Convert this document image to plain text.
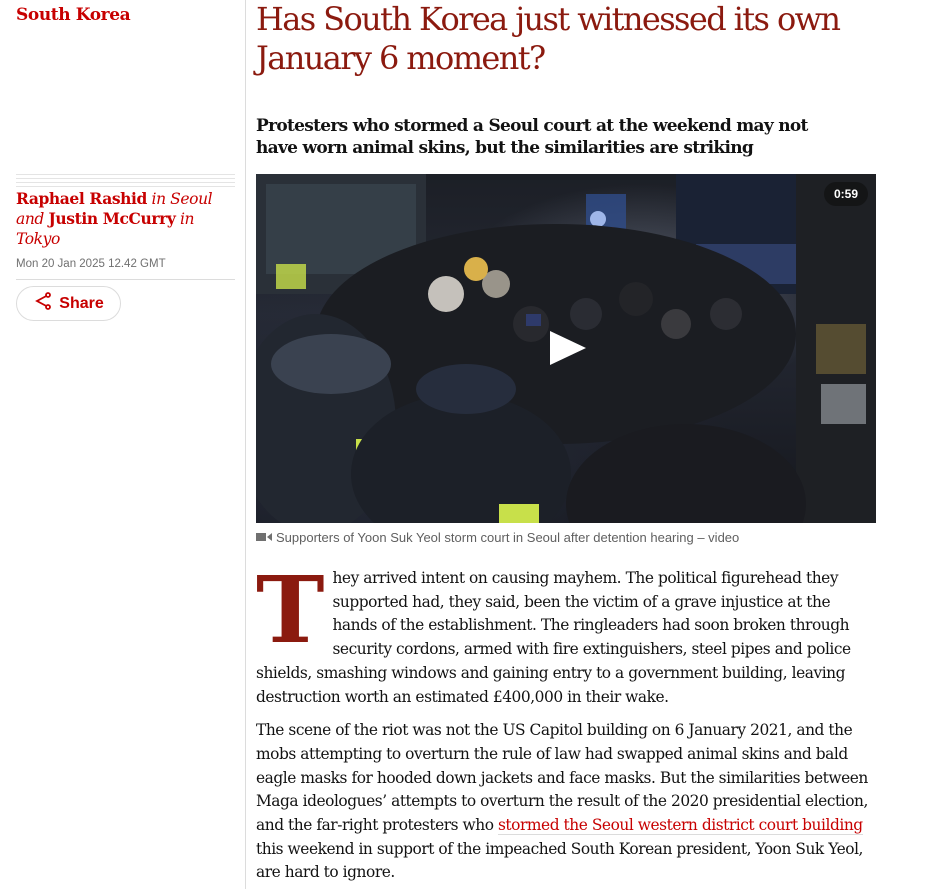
South Korea
Raphael Rashid in Seoul and Justin McCurry in Tokyo
Mon 20 Jan 2025 12.42 GMT
Share
Has South Korea just witnessed its own January 6 moment?
Protesters who stormed a Seoul court at the weekend may not have worn animal skins, but the similarities are striking
0:59
Supporters of Yoon Suk Yeol storm court in Seoul after detention hearing – video

They arrived intent on causing mayhem. The political figurehead they supported had, they said, been the victim of a grave injustice at the hands of the establishment. The ringleaders had soon broken through security cordons, armed with fire extinguishers, steel pipes and police shields, smashing windows and gaining entry to a government building, leaving destruction worth an estimated £400,000 in their wake.

The scene of the riot was not the US Capitol building on 6 January 2021, and the mobs attempting to overturn the rule of law had swapped animal skins and bald eagle masks for hooded down jackets and face masks. But the similarities between Maga ideologues’ attempts to overturn the result of the 2020 presidential election, and the far-right protesters who stormed the Seoul western district court building this weekend in support of the impeached South Korean president, Yoon Suk Yeol, are hard to ignore.
